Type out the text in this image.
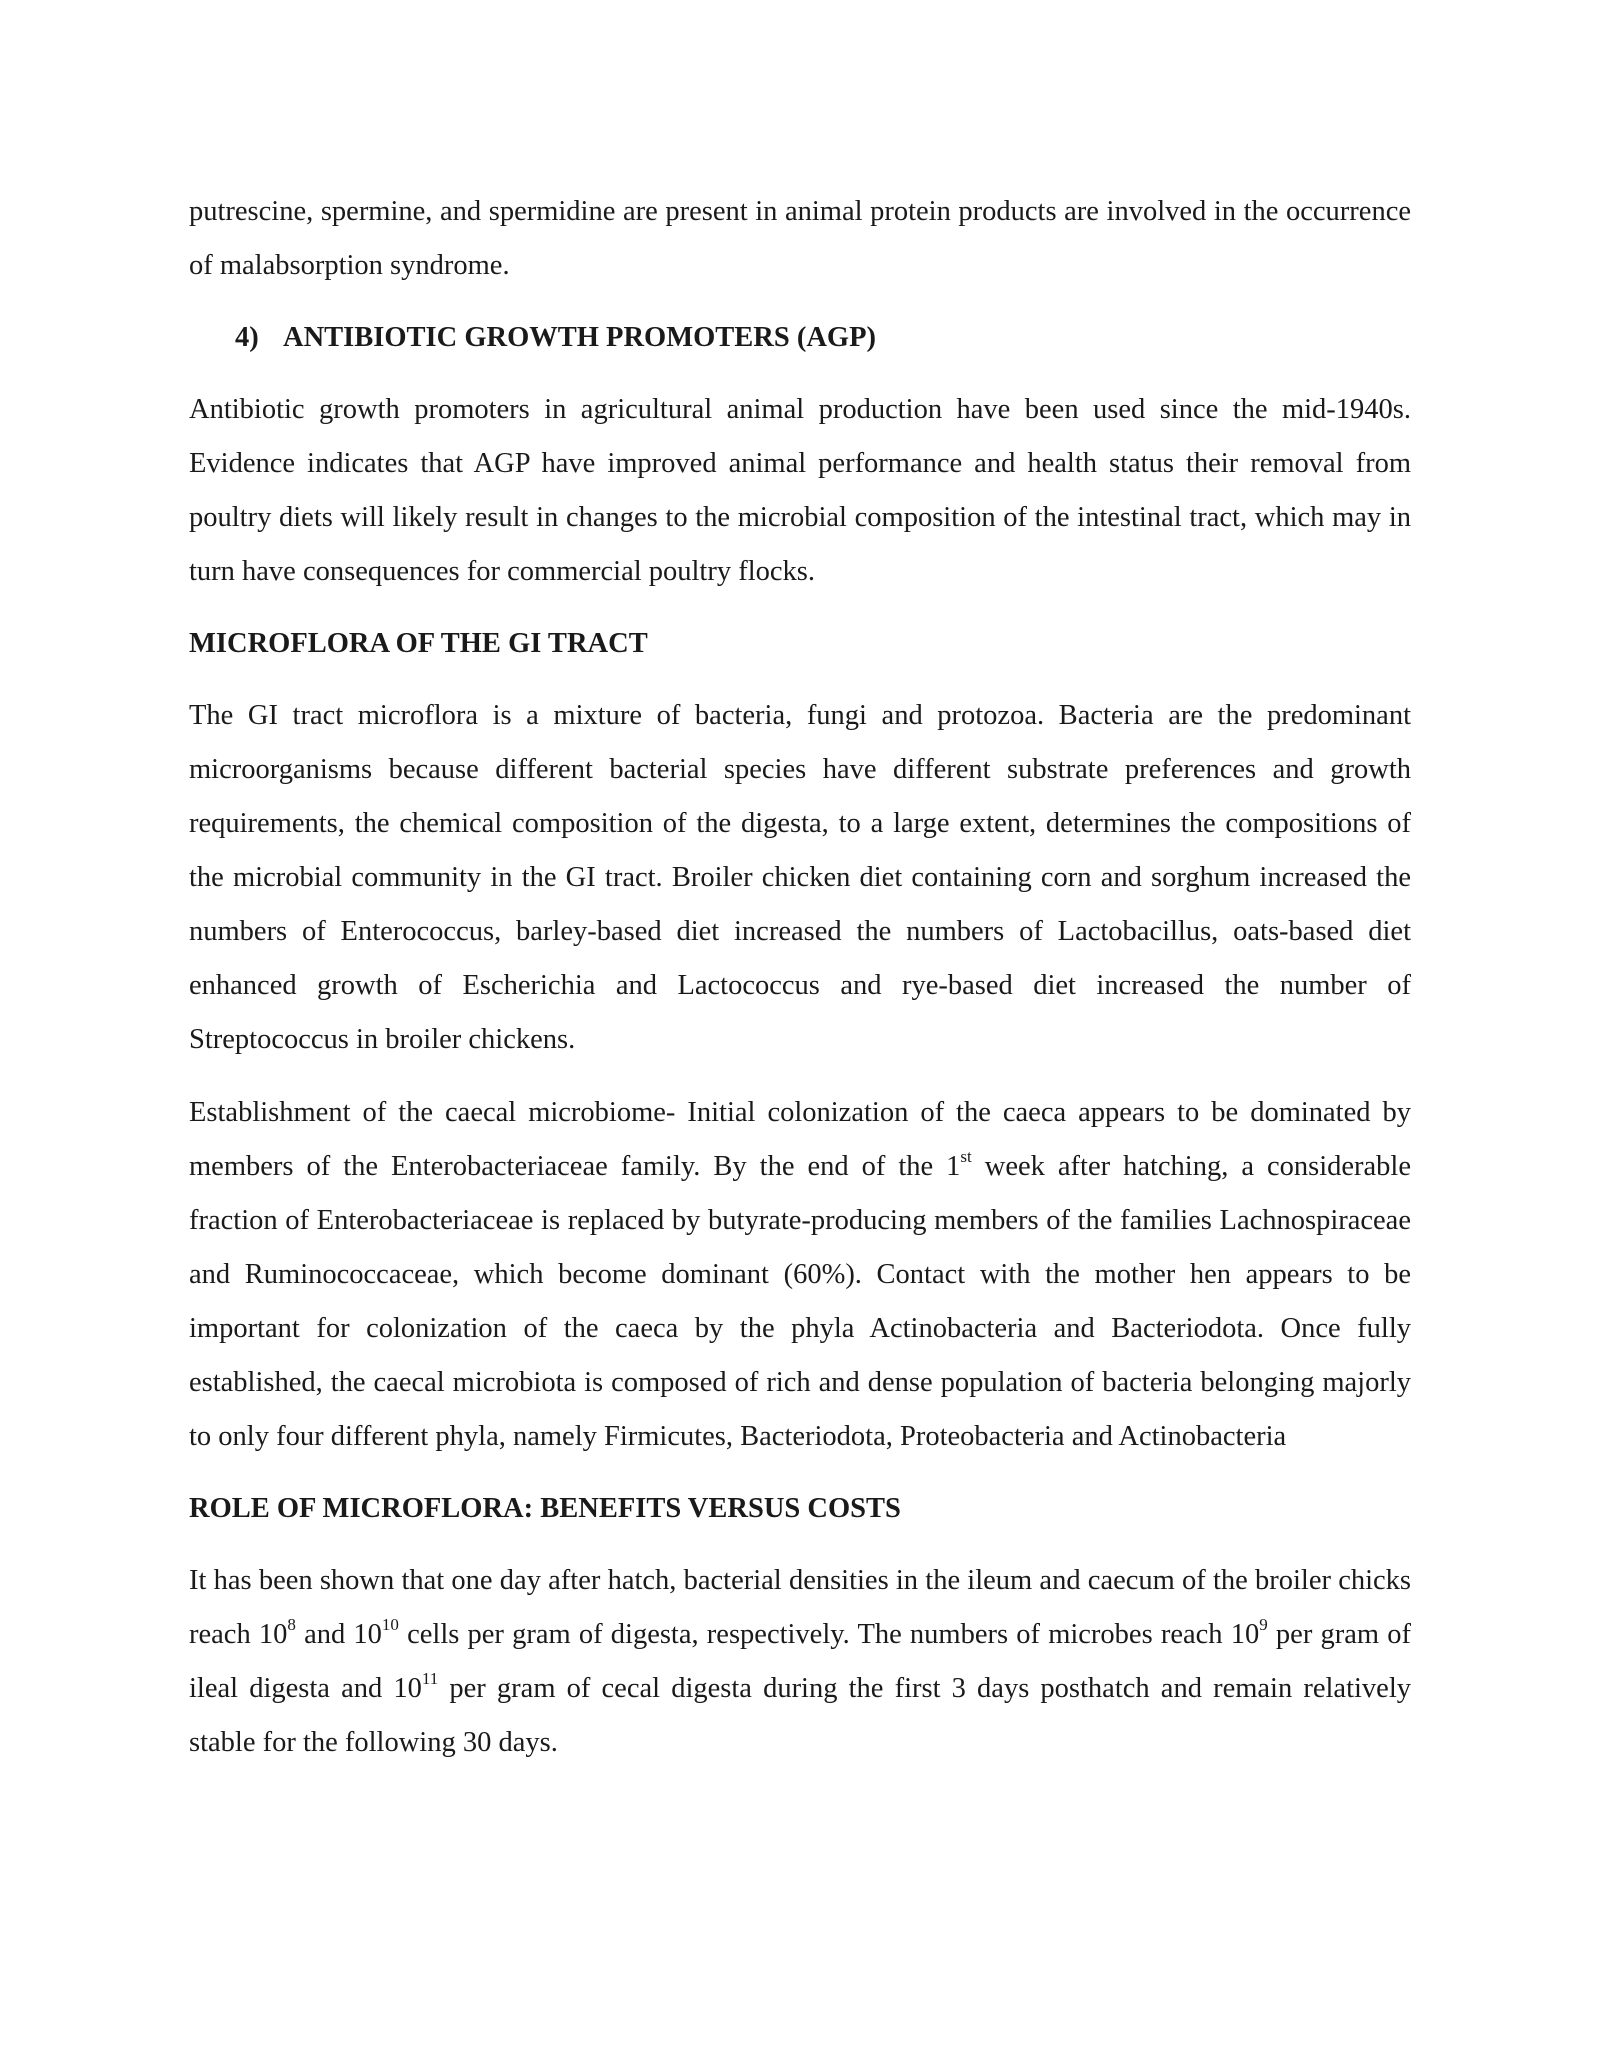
putrescine, spermine, and spermidine are present in animal protein products are involved in the occurrence of malabsorption syndrome.

4) ANTIBIOTIC GROWTH PROMOTERS (AGP)

Antibiotic growth promoters in agricultural animal production have been used since the mid-1940s. Evidence indicates that AGP have improved animal performance and health status their removal from poultry diets will likely result in changes to the microbial composition of the intestinal tract, which may in turn have consequences for commercial poultry flocks.

MICROFLORA OF THE GI TRACT

The GI tract microflora is a mixture of bacteria, fungi and protozoa. Bacteria are the predominant microorganisms because different bacterial species have different substrate preferences and growth requirements, the chemical composition of the digesta, to a large extent, determines the compositions of the microbial community in the GI tract. Broiler chicken diet containing corn and sorghum increased the numbers of Enterococcus, barley-based diet increased the numbers of Lactobacillus, oats-based diet enhanced growth of Escherichia and Lactococcus and rye-based diet increased the number of Streptococcus in broiler chickens.

Establishment of the caecal microbiome- Initial colonization of the caeca appears to be dominated by members of the Enterobacteriaceae family. By the end of the 1st week after hatching, a considerable fraction of Enterobacteriaceae is replaced by butyrate-producing members of the families Lachnospiraceae and Ruminococcaceae, which become dominant (60%). Contact with the mother hen appears to be important for colonization of the caeca by the phyla Actinobacteria and Bacteriodota. Once fully established, the caecal microbiota is composed of rich and dense population of bacteria belonging majorly to only four different phyla, namely Firmicutes, Bacteriodota, Proteobacteria and Actinobacteria

ROLE OF MICROFLORA: BENEFITS VERSUS COSTS

It has been shown that one day after hatch, bacterial densities in the ileum and caecum of the broiler chicks reach $10^8$ and $10^{10}$ cells per gram of digesta, respectively. The numbers of microbes reach $10^9$ per gram of ileal digesta and $10^{11}$ per gram of cecal digesta during the first 3 days posthatch and remain relatively stable for the following 30 days.
